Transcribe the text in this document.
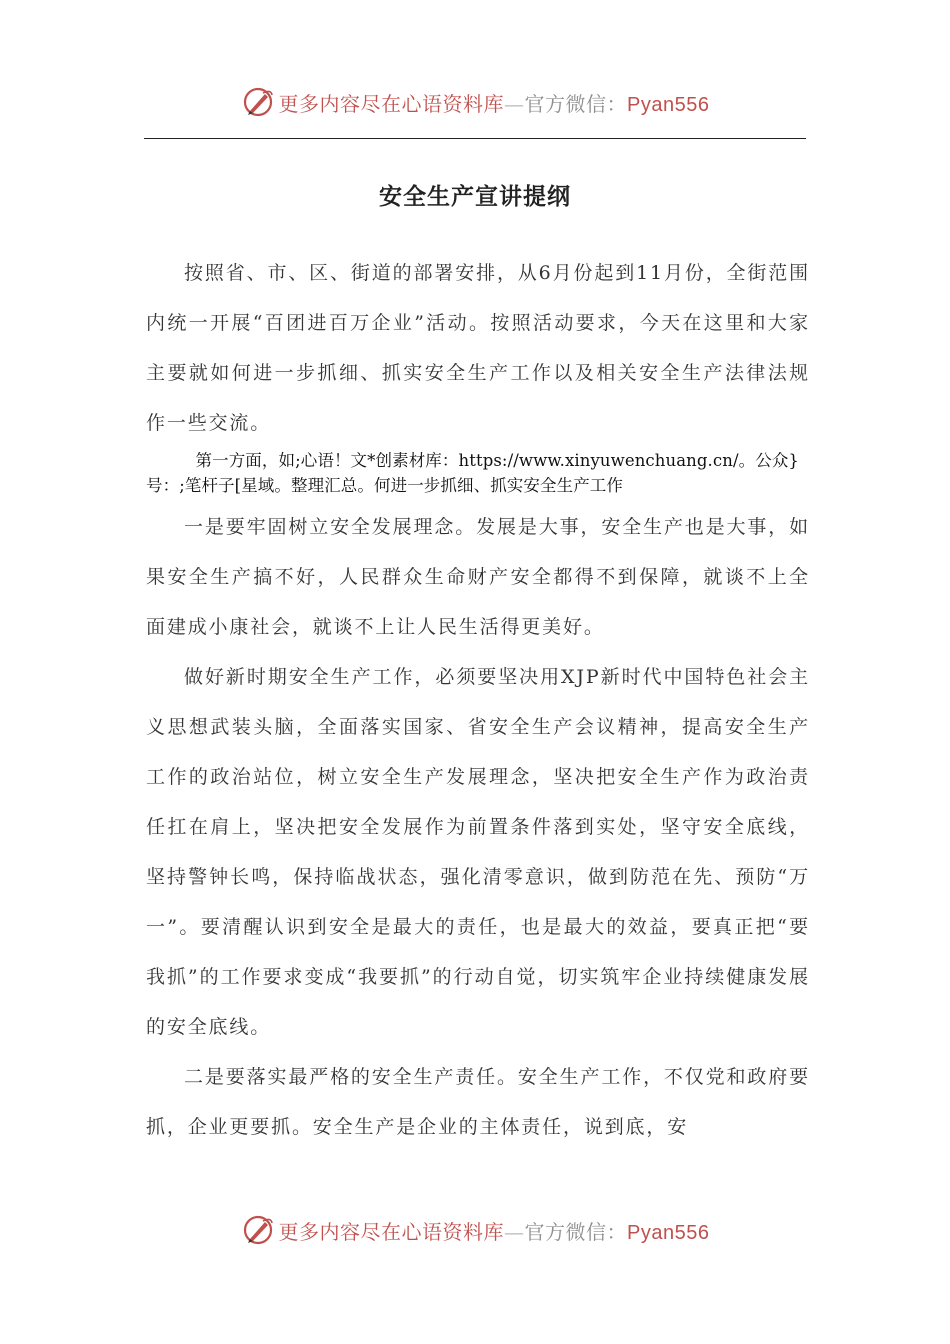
更多内容尽在心语资料库—官方微信：Pyan556
安全生产宣讲提纲

按照省、市、区、街道的部署安排，从6月份起到11月份，全街范围内统一开展“百团进百万企业”活动。按照活动要求，今天在这里和大家主要就如何进一步抓细、抓实安全生产工作以及相关安全生产法律法规作一些交流。

第一方面，如;心语！文*创素材库：https://www.xinyuwenchuang.cn/。公众}号：;笔杆子[星域。整理汇总。何进一步抓细、抓实安全生产工作

一是要牢固树立安全发展理念。发展是大事，安全生产也是大事，如果安全生产搞不好，人民群众生命财产安全都得不到保障，就谈不上全面建成小康社会，就谈不上让人民生活得更美好。

做好新时期安全生产工作，必须要坚决用XJP新时代中国特色社会主义思想武装头脑，全面落实国家、省安全生产会议精神，提高安全生产工作的政治站位，树立安全生产发展理念，坚决把安全生产作为政治责任扛在肩上，坚决把安全发展作为前置条件落到实处，坚守安全底线，坚持警钟长鸣，保持临战状态，强化清零意识，做到防范在先、预防“万一”。要清醒认识到安全是最大的责任，也是最大的效益，要真正把“要我抓”的工作要求变成“我要抓”的行动自觉，切实筑牢企业持续健康发展的安全底线。

二是要落实最严格的安全生产责任。安全生产工作，不仅党和政府要抓，企业更要抓。安全生产是企业的主体责任，说到底，安

更多内容尽在心语资料库—官方微信：Pyan556
